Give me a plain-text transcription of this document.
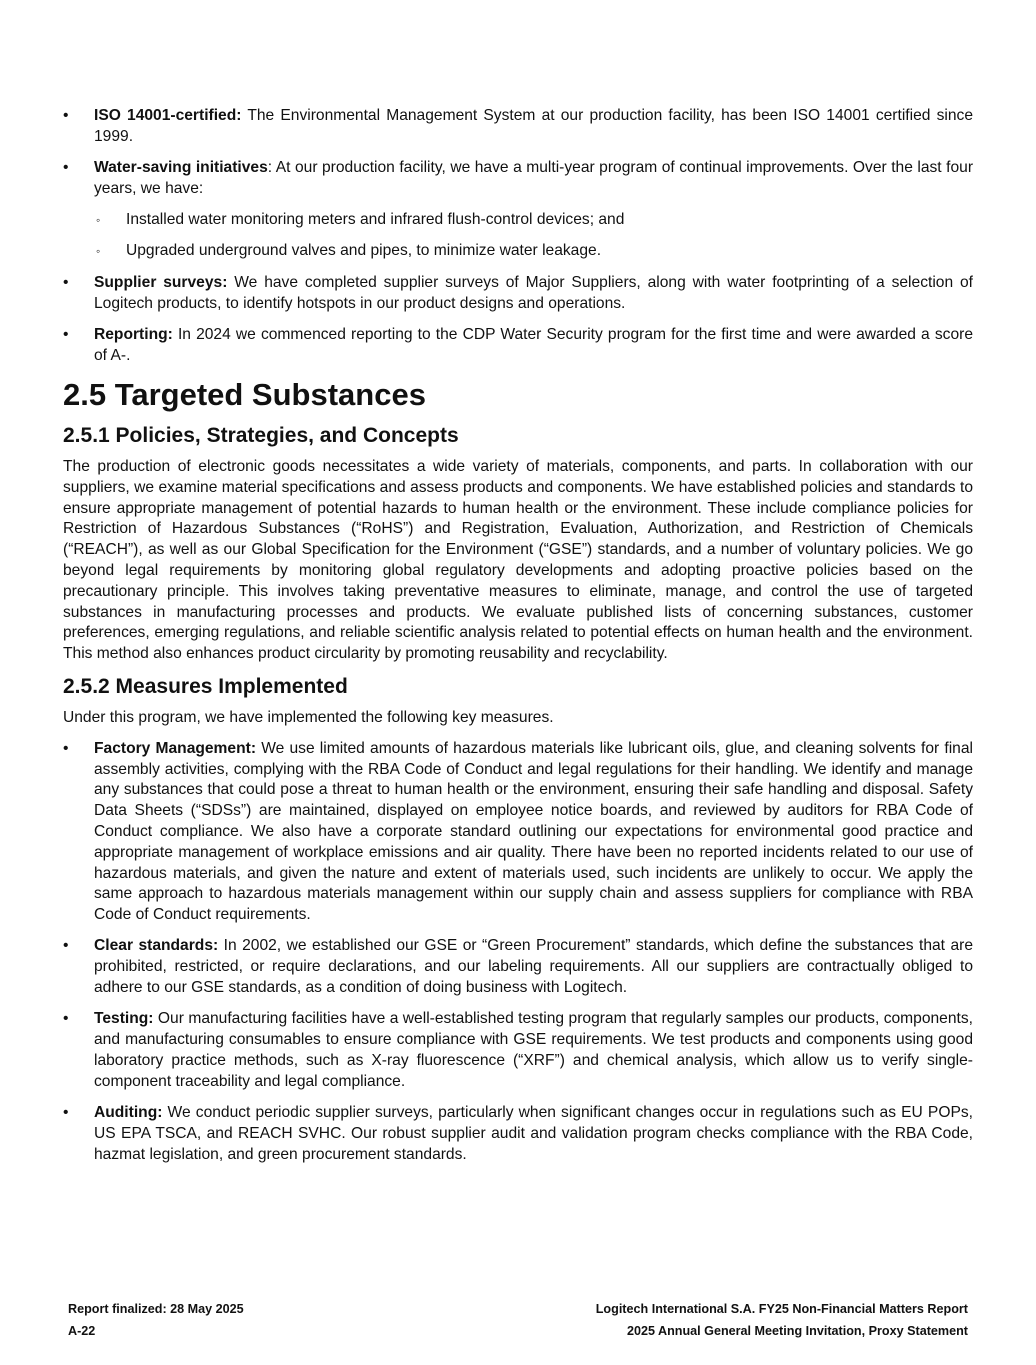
• ISO 14001-certified: The Environmental Management System at our production facility, has been ISO 14001 certified since 1999.
• Water-saving initiatives: At our production facility, we have a multi-year program of continual improvements. Over the last four years, we have:
◦ Installed water monitoring meters and infrared flush-control devices; and
◦ Upgraded underground valves and pipes, to minimize water leakage.
• Supplier surveys: We have completed supplier surveys of Major Suppliers, along with water footprinting of a selection of Logitech products, to identify hotspots in our product designs and operations.
• Reporting: In 2024 we commenced reporting to the CDP Water Security program for the first time and were awarded a score of A-.
2.5 Targeted Substances
2.5.1 Policies, Strategies, and Concepts

The production of electronic goods necessitates a wide variety of materials, components, and parts. In collaboration with our suppliers, we examine material specifications and assess products and components. We have established policies and standards to ensure appropriate management of potential hazards to human health or the environment. These include compliance policies for Restriction of Hazardous Substances (“RoHS”) and Registration, Evaluation, Authorization, and Restriction of Chemicals (“REACH”), as well as our Global Specification for the Environment (“GSE”) standards, and a number of voluntary policies. We go beyond legal requirements by monitoring global regulatory developments and adopting proactive policies based on the precautionary principle. This involves taking preventative measures to eliminate, manage, and control the use of targeted substances in manufacturing processes and products. We evaluate published lists of concerning substances, customer preferences, emerging regulations, and reliable scientific analysis related to potential effects on human health and the environment. This method also enhances product circularity by promoting reusability and recyclability.

2.5.2 Measures Implemented

Under this program, we have implemented the following key measures.

• Factory Management: We use limited amounts of hazardous materials like lubricant oils, glue, and cleaning solvents for final assembly activities, complying with the RBA Code of Conduct and legal regulations for their handling. We identify and manage any substances that could pose a threat to human health or the environment, ensuring their safe handling and disposal. Safety Data Sheets (“SDSs”) are maintained, displayed on employee notice boards, and reviewed by auditors for RBA Code of Conduct compliance. We also have a corporate standard outlining our expectations for environmental good practice and appropriate management of workplace emissions and air quality. There have been no reported incidents related to our use of hazardous materials, and given the nature and extent of materials used, such incidents are unlikely to occur. We apply the same approach to hazardous materials management within our supply chain and assess suppliers for compliance with RBA Code of Conduct requirements.
• Clear standards: In 2002, we established our GSE or “Green Procurement” standards, which define the substances that are prohibited, restricted, or require declarations, and our labeling requirements. All our suppliers are contractually obliged to adhere to our GSE standards, as a condition of doing business with Logitech.
• Testing: Our manufacturing facilities have a well-established testing program that regularly samples our products, components, and manufacturing consumables to ensure compliance with GSE requirements. We test products and components using good laboratory practice methods, such as X-ray fluorescence (“XRF”) and chemical analysis, which allow us to verify single-component traceability and legal compliance.
• Auditing: We conduct periodic supplier surveys, particularly when significant changes occur in regulations such as EU POPs, US EPA TSCA, and REACH SVHC. Our robust supplier audit and validation program checks compliance with the RBA Code, hazmat legislation, and green procurement standards.
Report finalized: 28 May 2025
A-22
Logitech International S.A. FY25 Non-Financial Matters Report
2025 Annual General Meeting Invitation, Proxy Statement
